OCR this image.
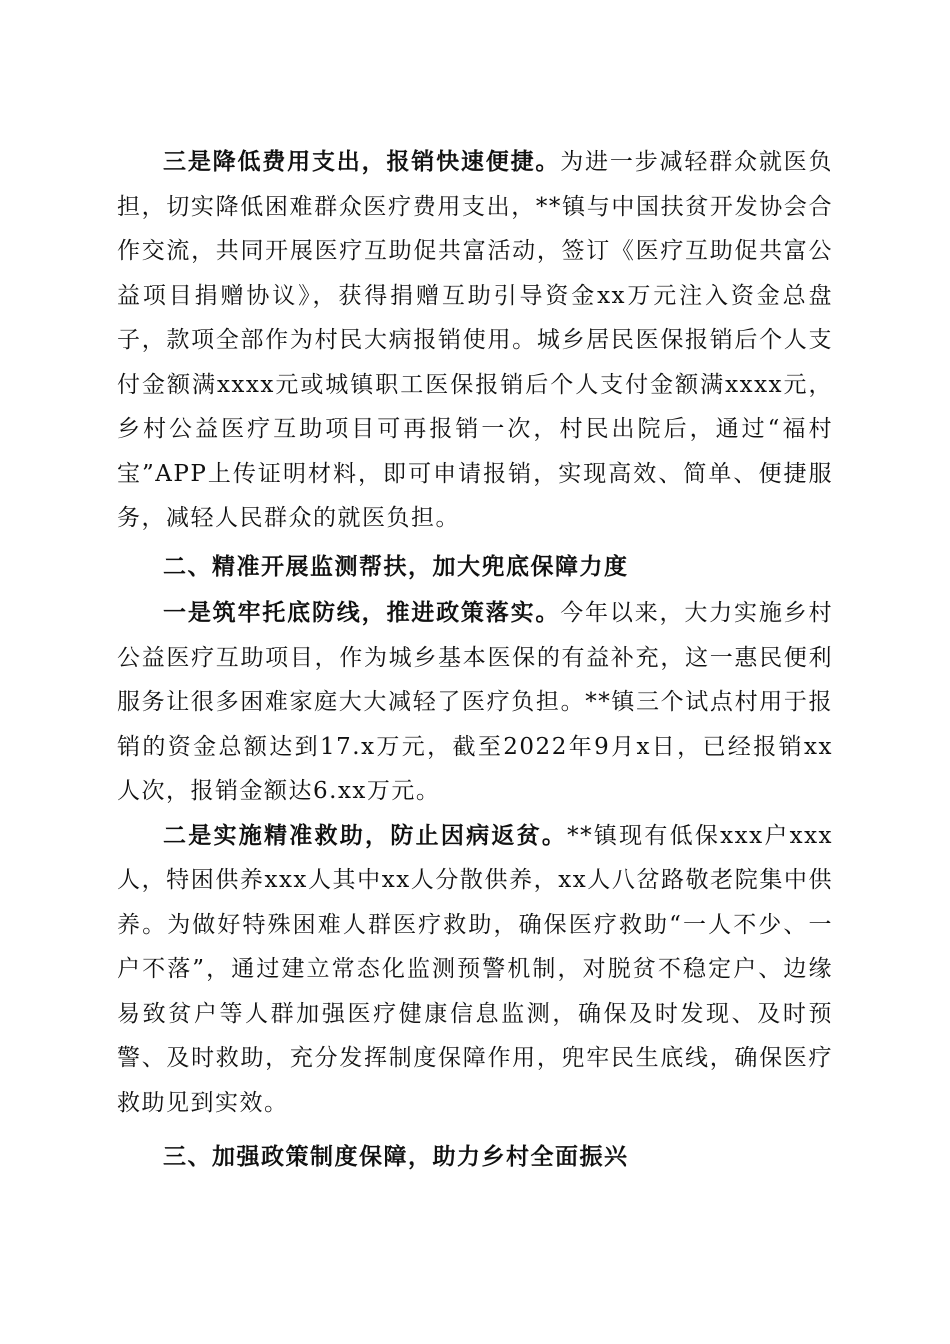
三是降低费用支出，报销快速便捷。为进一步减轻群众就医负担，切实降低困难群众医疗费用支出，**镇与中国扶贫开发协会合作交流，共同开展医疗互助促共富活动，签订《医疗互助促共富公益项目捐赠协议》，获得捐赠互助引导资金xx万元注入资金总盘子，款项全部作为村民大病报销使用。城乡居民医保报销后个人支付金额满xxxx元或城镇职工医保报销后个人支付金额满xxxx元，乡村公益医疗互助项目可再报销一次，村民出院后，通过“福村宝”APP上传证明材料，即可申请报销，实现高效、简单、便捷服务，减轻人民群众的就医负担。

二、精准开展监测帮扶，加大兜底保障力度

一是筑牢托底防线，推进政策落实。今年以来，大力实施乡村公益医疗互助项目，作为城乡基本医保的有益补充，这一惠民便利服务让很多困难家庭大大减轻了医疗负担。**镇三个试点村用于报销的资金总额达到17.x万元，截至2022年9月x日，已经报销xx人次，报销金额达6.xx万元。

二是实施精准救助，防止因病返贫。**镇现有低保xxx户xxx人，特困供养xxx人其中xx人分散供养，xx人八岔路敬老院集中供养。为做好特殊困难人群医疗救助，确保医疗救助“一人不少、一户不落”，通过建立常态化监测预警机制，对脱贫不稳定户、边缘易致贫户等人群加强医疗健康信息监测，确保及时发现、及时预警、及时救助，充分发挥制度保障作用，兜牢民生底线，确保医疗救助见到实效。

三、加强政策制度保障，助力乡村全面振兴
